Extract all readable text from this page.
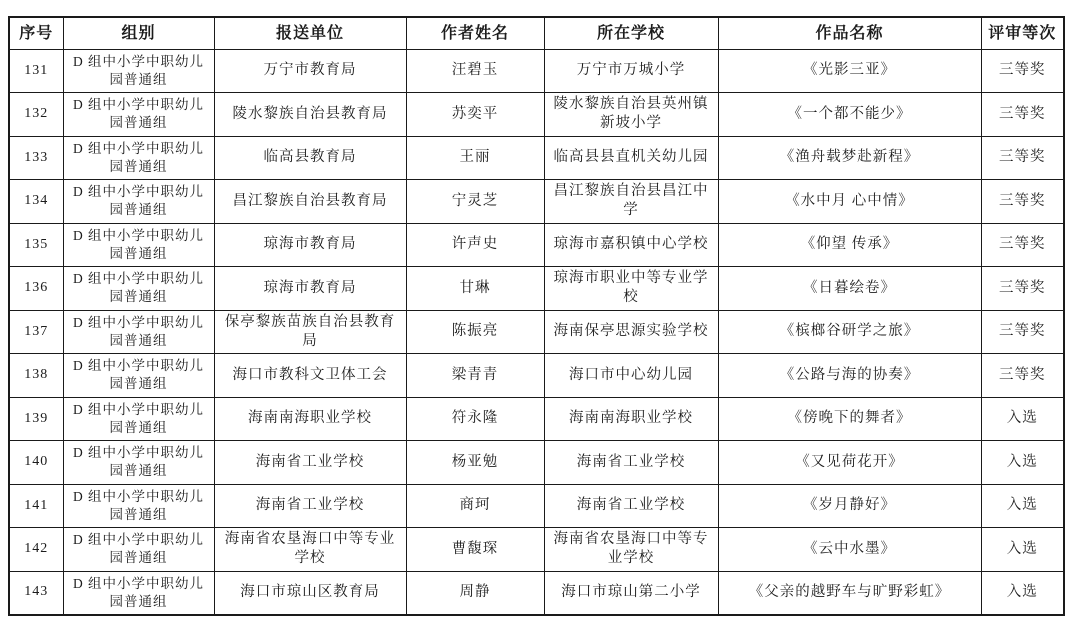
序号	组别	报送单位	作者姓名	所在学校	作品名称	评审等次
131	D 组中小学中职幼儿园普通组	万宁市教育局	汪碧玉	万宁市万城小学	《光影三亚》	三等奖
132	D 组中小学中职幼儿园普通组	陵水黎族自治县教育局	苏奕平	陵水黎族自治县英州镇新坡小学	《一个都不能少》	三等奖
133	D 组中小学中职幼儿园普通组	临高县教育局	王丽	临高县县直机关幼儿园	《渔舟载梦赴新程》	三等奖
134	D 组中小学中职幼儿园普通组	昌江黎族自治县教育局	宁灵芝	昌江黎族自治县昌江中学	《水中月 心中情》	三等奖
135	D 组中小学中职幼儿园普通组	琼海市教育局	许声史	琼海市嘉积镇中心学校	《仰望 传承》	三等奖
136	D 组中小学中职幼儿园普通组	琼海市教育局	甘琳	琼海市职业中等专业学校	《日暮绘卷》	三等奖
137	D 组中小学中职幼儿园普通组	保亭黎族苗族自治县教育局	陈振亮	海南保亭思源实验学校	《槟榔谷研学之旅》	三等奖
138	D 组中小学中职幼儿园普通组	海口市教科文卫体工会	梁青青	海口市中心幼儿园	《公路与海的协奏》	三等奖
139	D 组中小学中职幼儿园普通组	海南南海职业学校	符永隆	海南南海职业学校	《傍晚下的舞者》	入选
140	D 组中小学中职幼儿园普通组	海南省工业学校	杨亚勉	海南省工业学校	《又见荷花开》	入选
141	D 组中小学中职幼儿园普通组	海南省工业学校	商珂	海南省工业学校	《岁月静好》	入选
142	D 组中小学中职幼儿园普通组	海南省农垦海口中等专业学校	曹馥琛	海南省农垦海口中等专业学校	《云中水墨》	入选
143	D 组中小学中职幼儿园普通组	海口市琼山区教育局	周静	海口市琼山第二小学	《父亲的越野车与旷野彩虹》	入选
